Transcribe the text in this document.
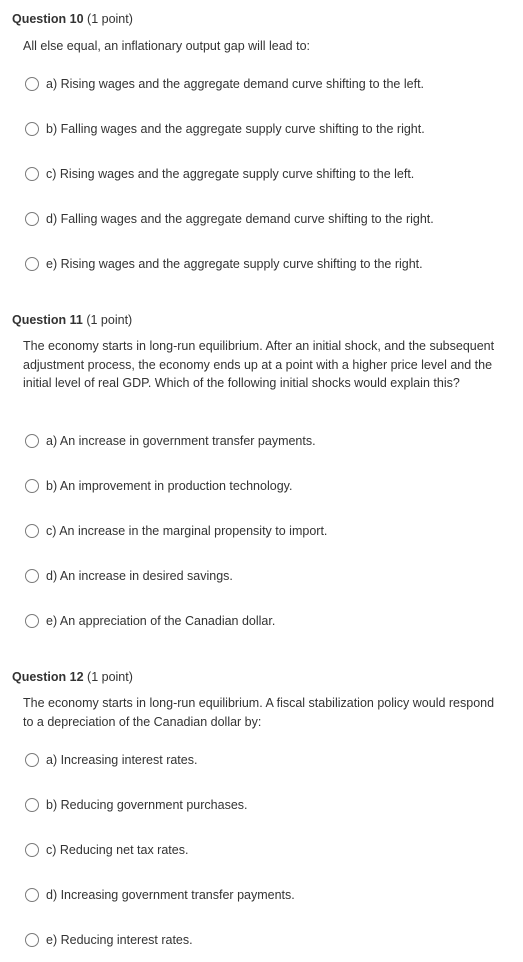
Question 10 (1 point)
All else equal, an inflationary output gap will lead to:
a) Rising wages and the aggregate demand curve shifting to the left.
b) Falling wages and the aggregate supply curve shifting to the right.
c) Rising wages and the aggregate supply curve shifting to the left.
d) Falling wages and the aggregate demand curve shifting to the right.
e) Rising wages and the aggregate supply curve shifting to the right.
Question 11 (1 point)
The economy starts in long-run equilibrium. After an initial shock, and the subsequent adjustment process, the economy ends up at a point with a higher price level and the initial level of real GDP. Which of the following initial shocks would explain this?
a) An increase in government transfer payments.
b) An improvement in production technology.
c) An increase in the marginal propensity to import.
d) An increase in desired savings.
e) An appreciation of the Canadian dollar.
Question 12 (1 point)
The economy starts in long-run equilibrium. A fiscal stabilization policy would respond to a depreciation of the Canadian dollar by:
a) Increasing interest rates.
b) Reducing government purchases.
c) Reducing net tax rates.
d) Increasing government transfer payments.
e) Reducing interest rates.
